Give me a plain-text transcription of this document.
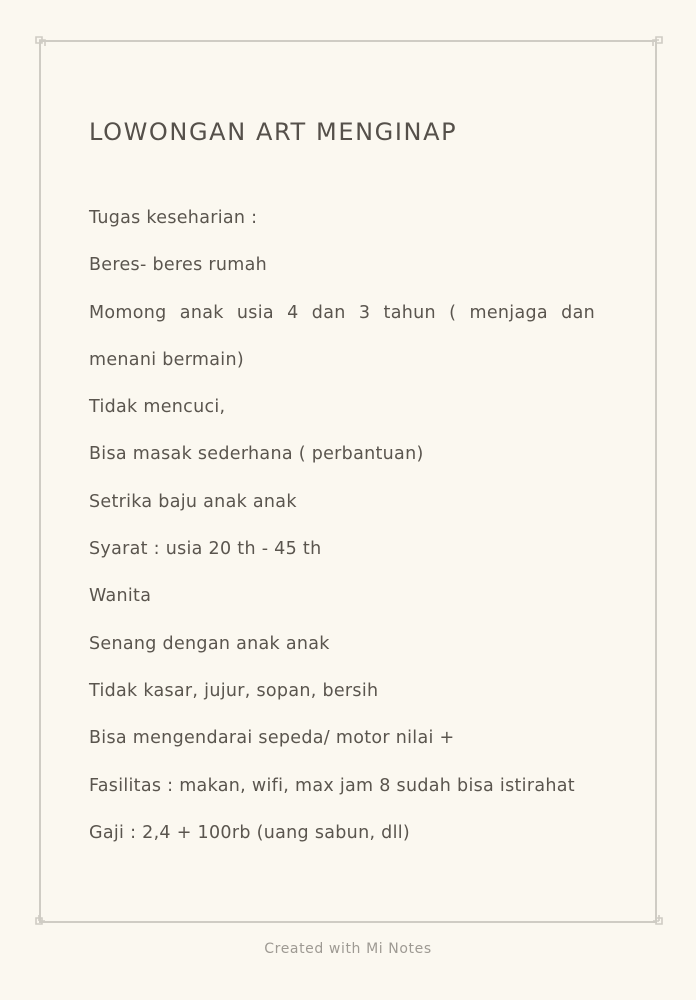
LOWONGAN ART MENGINAP
Tugas keseharian :
Beres- beres rumah
Momong anak usia 4 dan 3 tahun ( menjaga dan
menani bermain)
Tidak mencuci,
Bisa masak sederhana ( perbantuan)
Setrika baju anak anak
Syarat : usia 20 th - 45 th
Wanita
Senang dengan anak anak
Tidak kasar, jujur, sopan, bersih
Bisa mengendarai sepeda/ motor nilai +
Fasilitas : makan, wifi, max jam 8 sudah bisa istirahat
Gaji : 2,4 + 100rb (uang sabun, dll)
Created with Mi Notes
